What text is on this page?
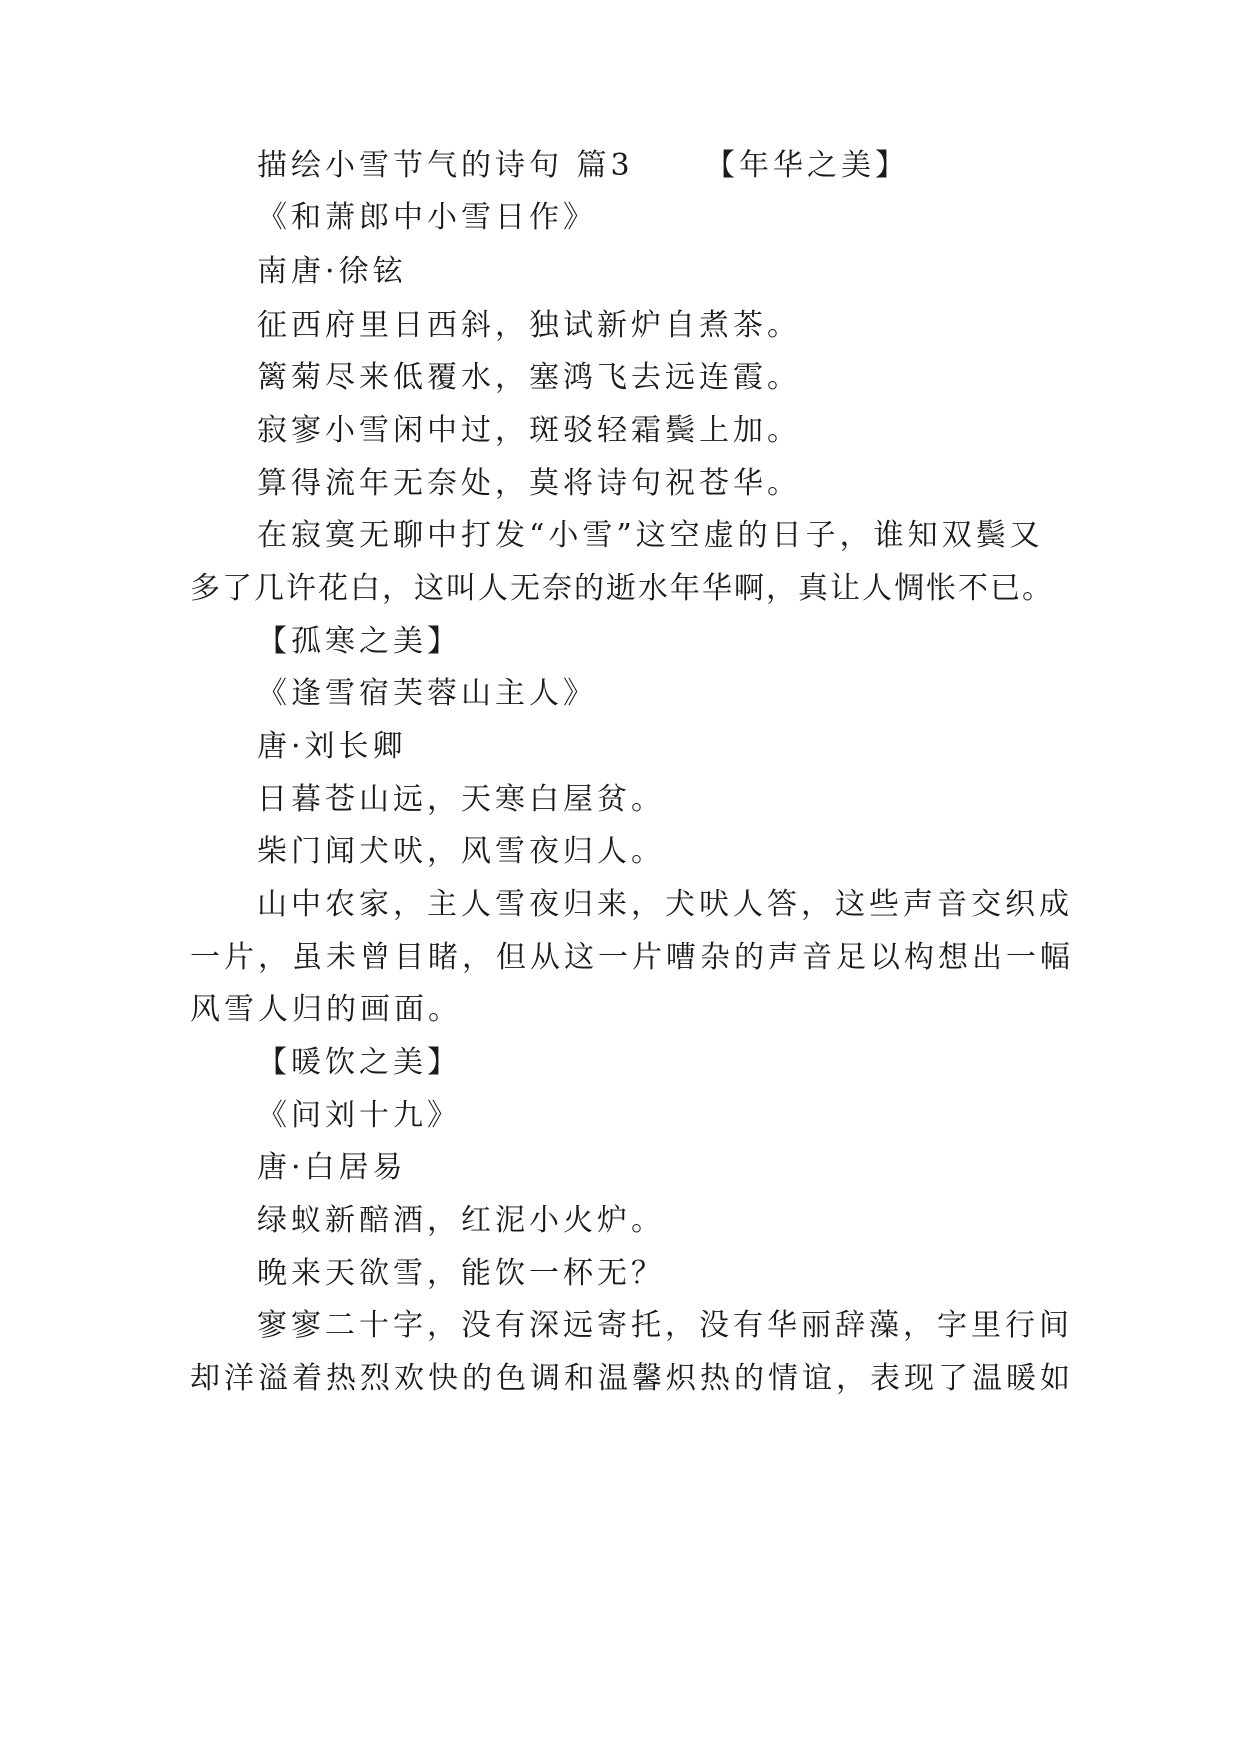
描绘小雪节气的诗句 篇3 【年华之美】
《和萧郎中小雪日作》
南唐·徐铉
征西府里日西斜，独试新炉自煮茶。
篱菊尽来低覆水，塞鸿飞去远连霞。
寂寥小雪闲中过，斑驳轻霜鬓上加。
算得流年无奈处，莫将诗句祝苍华。
在寂寞无聊中打发“小雪”这空虚的日子，谁知双鬓又
多了几许花白，这叫人无奈的逝水年华啊，真让人惆怅不已。
【孤寒之美】
《逢雪宿芙蓉山主人》
唐·刘长卿
日暮苍山远，天寒白屋贫。
柴门闻犬吠，风雪夜归人。
山中农家，主人雪夜归来，犬吠人答，这些声音交织成
一片，虽未曾目睹，但从这一片嘈杂的声音足以构想出一幅
风雪人归的画面。
【暖饮之美】
《问刘十九》
唐·白居易
绿蚁新醅酒，红泥小火炉。
晚来天欲雪，能饮一杯无？
寥寥二十字，没有深远寄托，没有华丽辞藻，字里行间
却洋溢着热烈欢快的色调和温馨炽热的情谊，表现了温暖如
